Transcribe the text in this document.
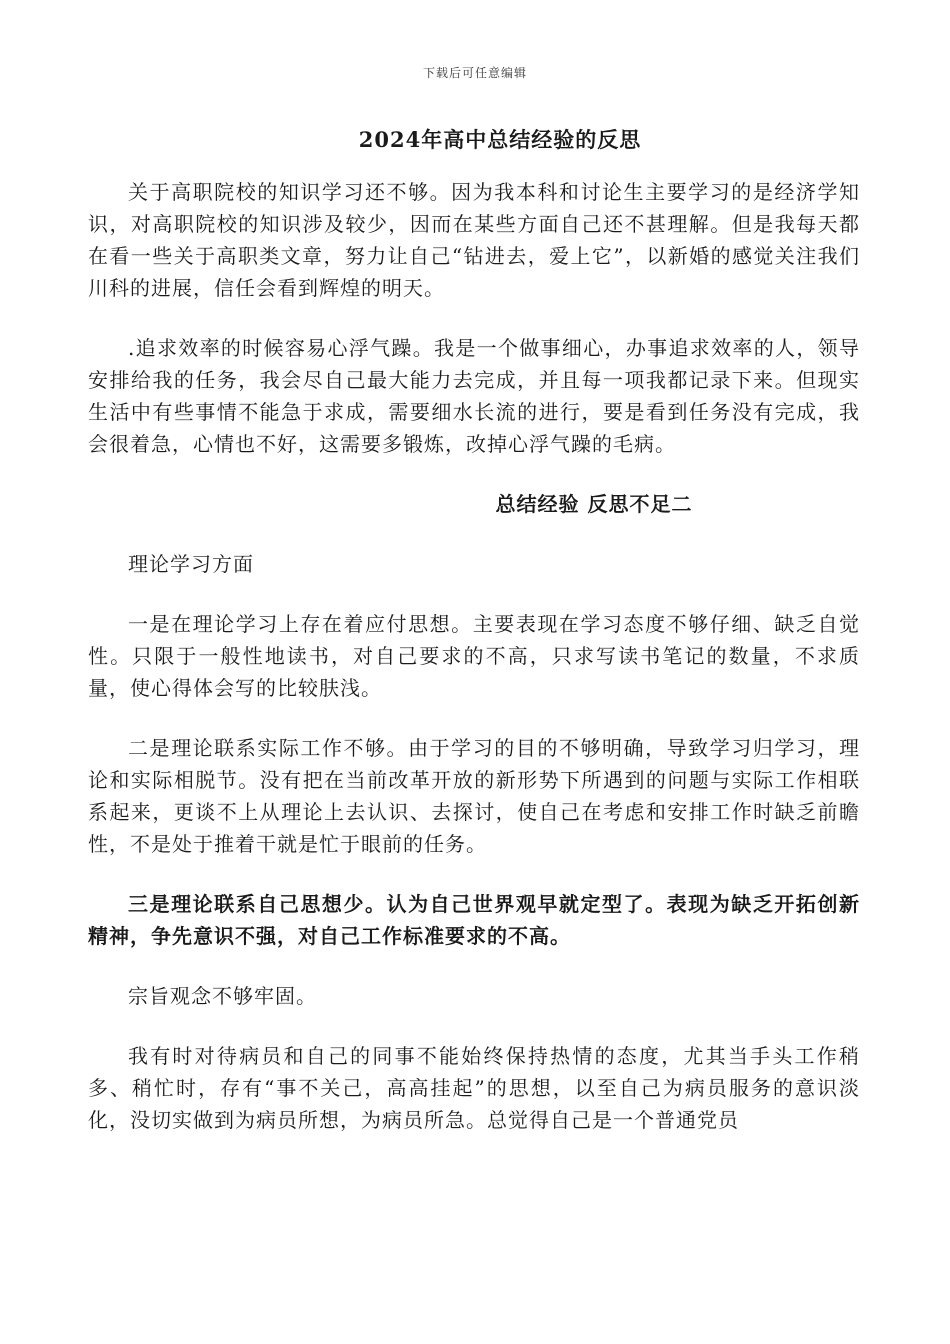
下载后可任意编辑
2024年高中总结经验的反思

关于高职院校的知识学习还不够。因为我本科和讨论生主要学习的是经济学知识，对高职院校的知识涉及较少，因而在某些方面自己还不甚理解。但是我每天都在看一些关于高职类文章，努力让自己“钻进去，爱上它”，以新婚的感觉关注我们川科的进展，信任会看到辉煌的明天。

.追求效率的时候容易心浮气躁。我是一个做事细心，办事追求效率的人，领导安排给我的任务，我会尽自己最大能力去完成，并且每一项我都记录下来。但现实生活中有些事情不能急于求成，需要细水长流的进行，要是看到任务没有完成，我会很着急，心情也不好，这需要多锻炼，改掉心浮气躁的毛病。

总结经验 反思不足二

理论学习方面

一是在理论学习上存在着应付思想。主要表现在学习态度不够仔细、缺乏自觉性。只限于一般性地读书，对自己要求的不高，只求写读书笔记的数量，不求质量，使心得体会写的比较肤浅。

二是理论联系实际工作不够。由于学习的目的不够明确，导致学习归学习，理论和实际相脱节。没有把在当前改革开放的新形势下所遇到的问题与实际工作相联系起来，更谈不上从理论上去认识、去探讨，使自己在考虑和安排工作时缺乏前瞻性，不是处于推着干就是忙于眼前的任务。

三是理论联系自己思想少。认为自己世界观早就定型了。表现为缺乏开拓创新精神，争先意识不强，对自己工作标准要求的不高。

宗旨观念不够牢固。

我有时对待病员和自己的同事不能始终保持热情的态度，尤其当手头工作稍多、稍忙时，存有“事不关己，高高挂起”的思想，以至自己为病员服务的意识淡化，没切实做到为病员所想，为病员所急。总觉得自己是一个普通党员
